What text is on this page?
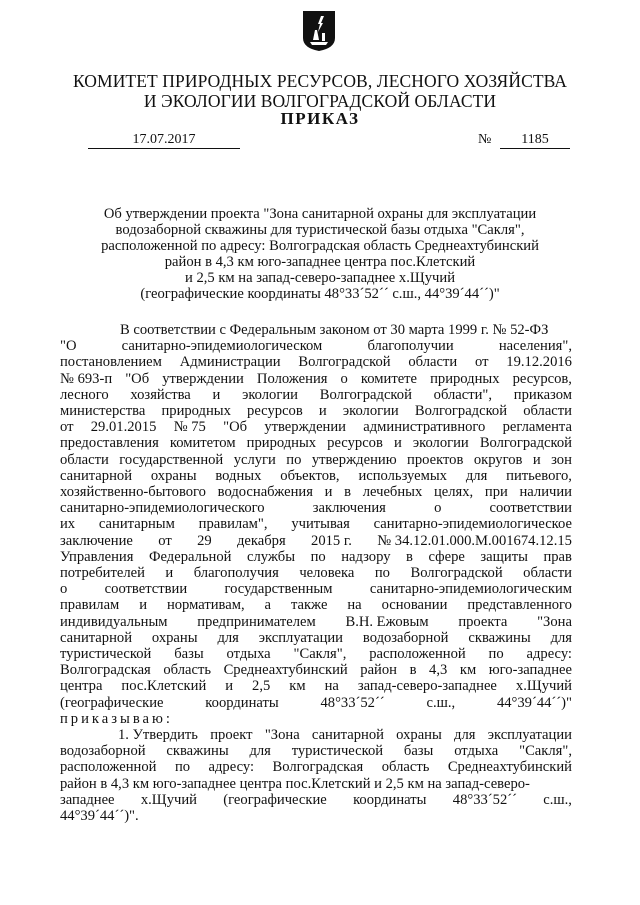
КОМИТЕТ ПРИРОДНЫХ РЕСУРСОВ, ЛЕСНОГО ХОЗЯЙСТВА
И ЭКОЛОГИИ ВОЛГОГРАДСКОЙ ОБЛАСТИ
ПРИКАЗ
17.07.2017	№	1185
Об утверждении проекта "Зона санитарной охраны для эксплуатации
водозаборной скважины для туристической базы отдыха "Сакля",
расположенной по адресу: Волгоградская область Среднеахтубинский
район в 4,3 км юго-западнее центра пос.Клетский
и 2,5 км на запад-северо-западнее х.Щучий
(географические координаты 48°33´52´´ с.ш., 44°39´44´´)"
В соответствии с Федеральным законом от 30 марта 1999 г. № 52-ФЗ
"О	санитарно-эпидемиологическом	благополучии	населения",
постановлением Администрации Волгоградской области от 19.12.2016
№ 693-п "Об утверждении Положения о комитете природных ресурсов,
лесного хозяйства и экологии Волгоградской области", приказом
министерства природных ресурсов и экологии Волгоградской области
от 29.01.2015 № 75 "Об утверждении административного регламента
предоставления комитетом природных ресурсов и экологии Волгоградской
области государственной услуги по утверждению проектов округов и зон
санитарной охраны водных объектов, используемых для питьевого,
хозяйственно-бытового водоснабжения и в лечебных целях, при наличии
санитарно-эпидемиологического	заключения	о	соответствии
их санитарным правилам", учитывая санитарно-эпидемиологическое
заключение от 29 декабря 2015 г. № 34.12.01.000.М.001674.12.15
Управления Федеральной службы по надзору в сфере защиты прав
потребителей и благополучия человека по Волгоградской области
о	соответствии	государственным	санитарно-эпидемиологическим
правилам и нормативам, а также на основании представленного
индивидуальным предпринимателем В.Н. Ежовым проекта "Зона
санитарной охраны для эксплуатации водозаборной скважины для
туристической базы отдыха "Сакля", расположенной по адресу:
Волгоградская область Среднеахтубинский район в 4,3 км юго-западнее
центра пос.Клетский и 2,5 км на запад-северо-западнее х.Щучий
(географические	координаты	48°33´52´´	с.ш.,	44°39´44´´)"
приказываю:
1. Утвердить проект "Зона санитарной охраны для эксплуатации
водозаборной скважины для туристической базы отдыха "Сакля",
расположенной по адресу: Волгоградская область Среднеахтубинский
район в 4,3 км юго-западнее центра пос.Клетский и 2,5 км на запад-северо-
западнее х.Щучий (географические координаты 48°33´52´´ с.ш.,
44°39´44´´)".
